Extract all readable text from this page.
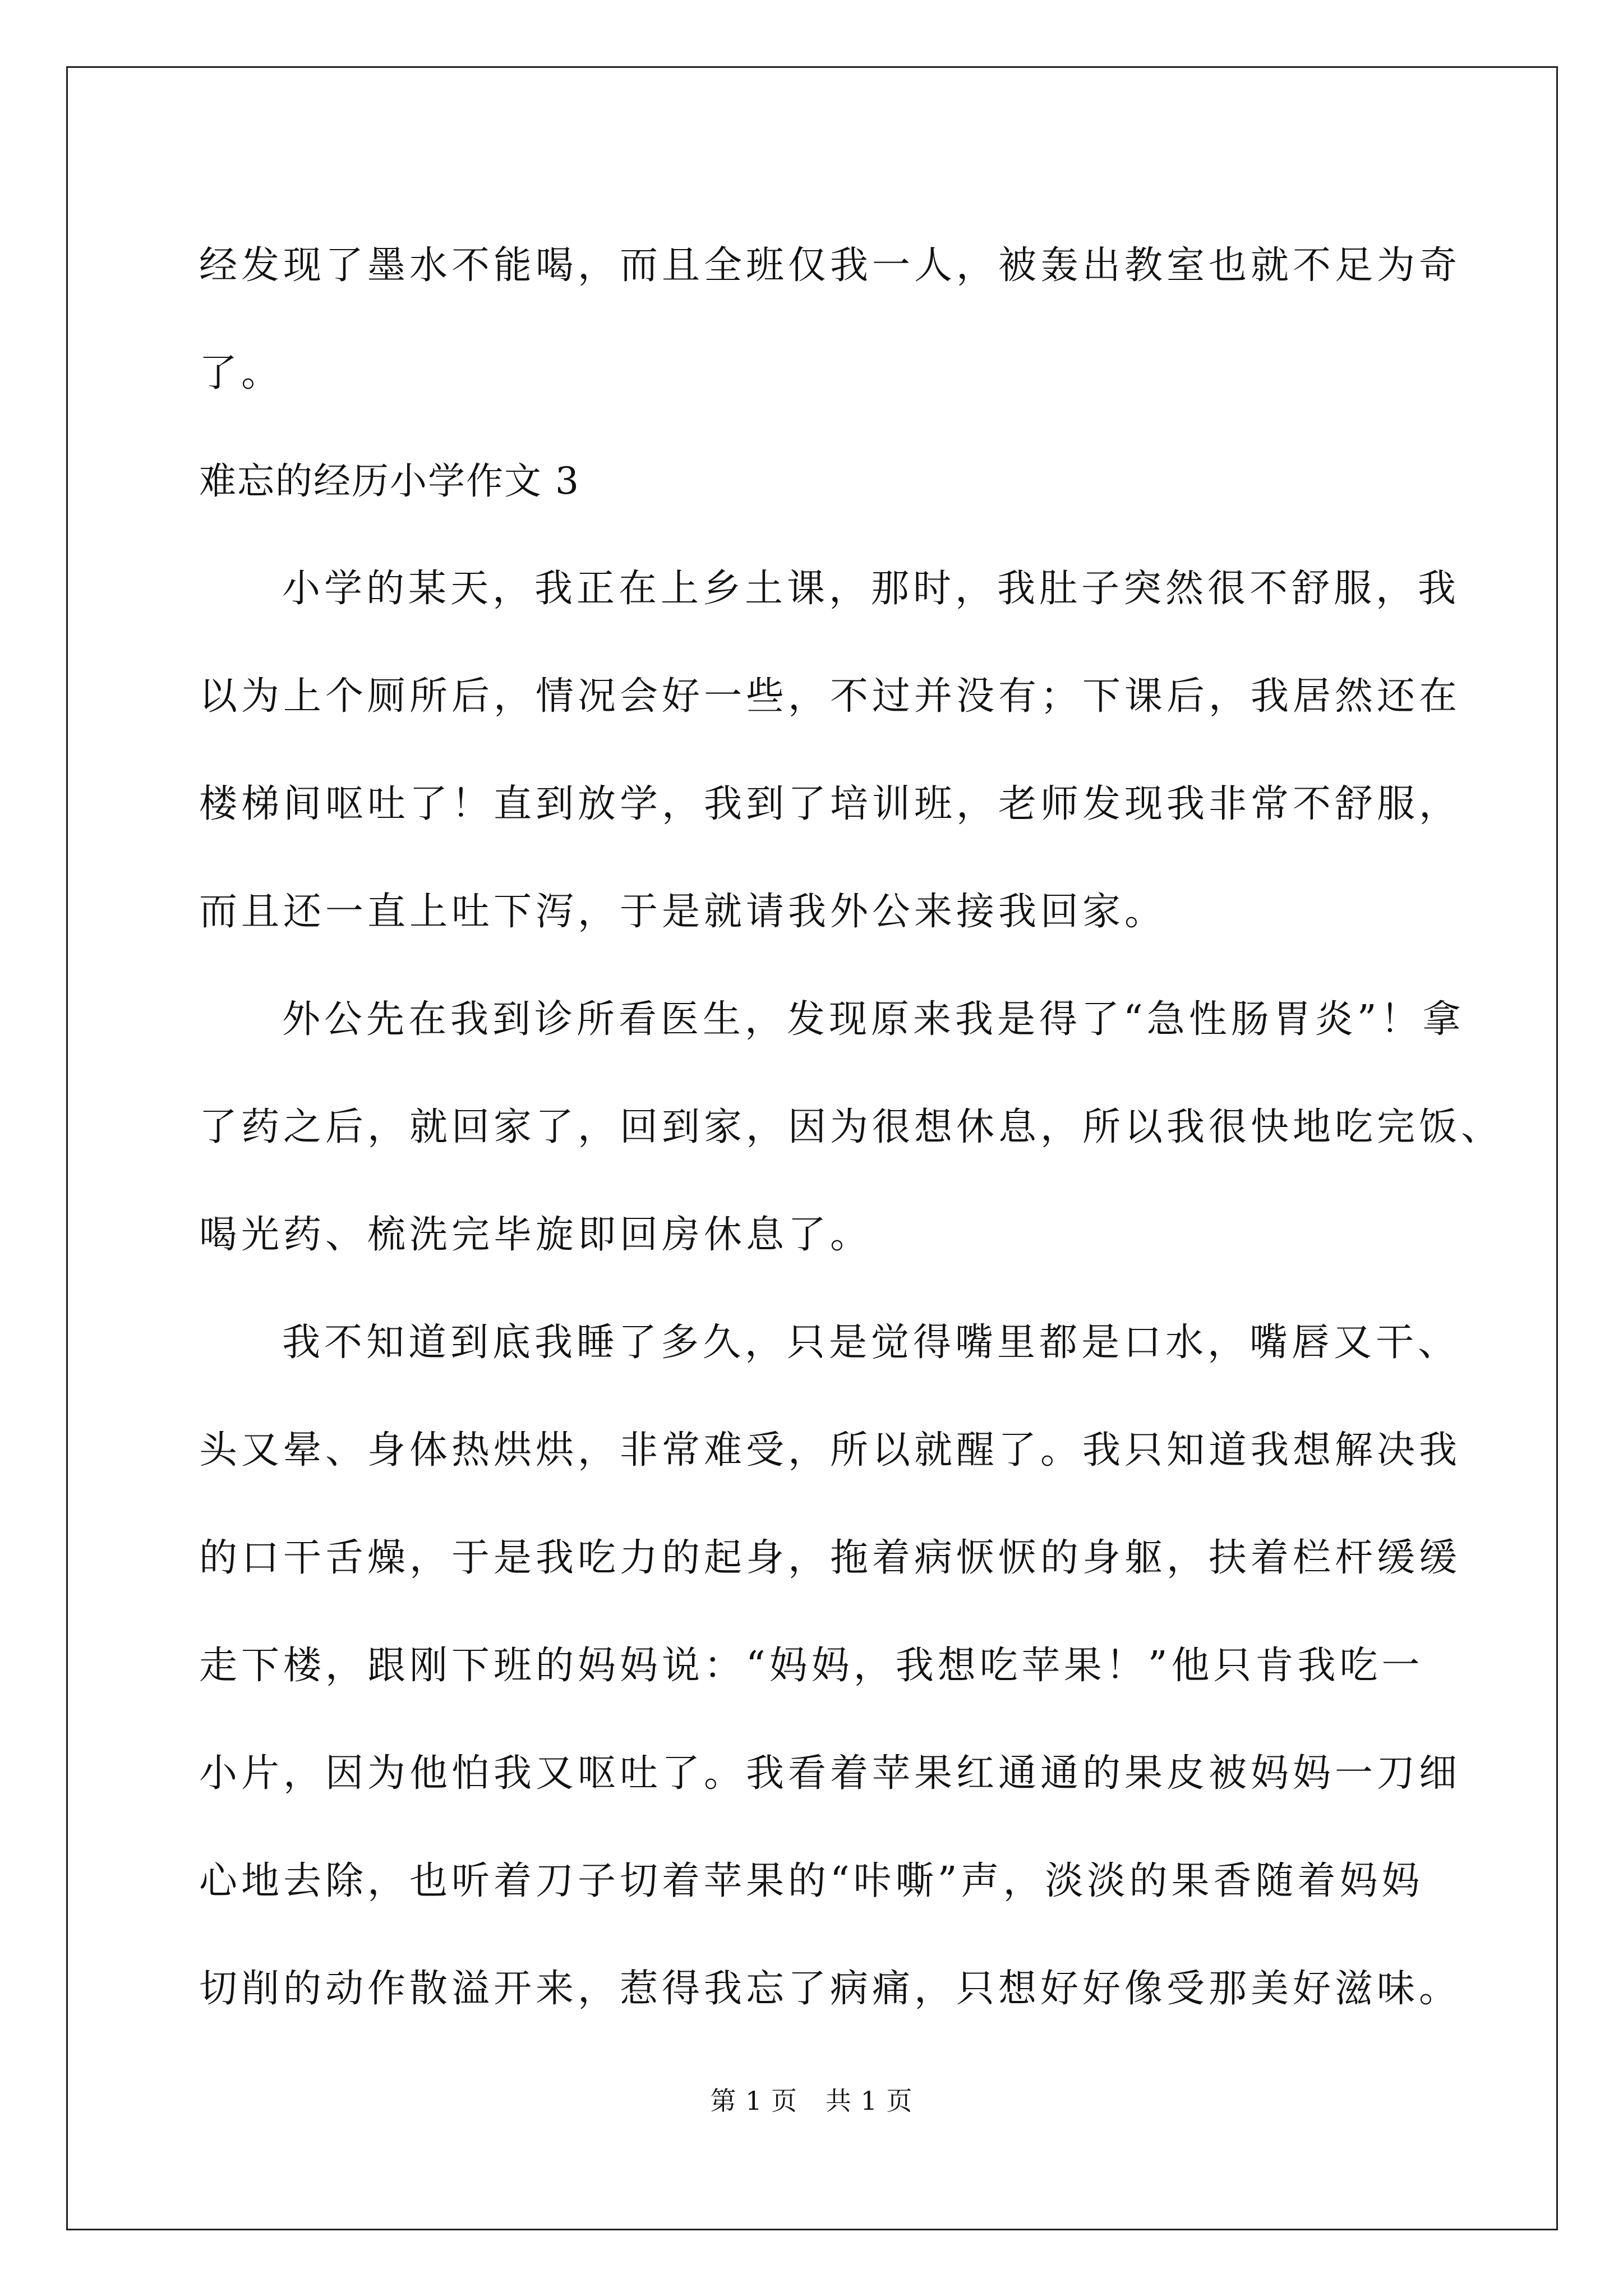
经发现了墨水不能喝，而且全班仅我一人，被轰出教室也就不足为奇
了。
难忘的经历小学作文 3
小学的某天，我正在上乡土课，那时，我肚子突然很不舒服，我
以为上个厕所后，情况会好一些，不过并没有；下课后，我居然还在
楼梯间呕吐了！直到放学，我到了培训班，老师发现我非常不舒服，
而且还一直上吐下泻，于是就请我外公来接我回家。
外公先在我到诊所看医生，发现原来我是得了“急性肠胃炎”！拿
了药之后，就回家了，回到家，因为很想休息，所以我很快地吃完饭、
喝光药、梳洗完毕旋即回房休息了。
我不知道到底我睡了多久，只是觉得嘴里都是口水，嘴唇又干、
头又晕、身体热烘烘，非常难受，所以就醒了。我只知道我想解决我
的口干舌燥，于是我吃力的起身，拖着病恹恹的身躯，扶着栏杆缓缓
走下楼，跟刚下班的妈妈说：“妈妈，我想吃苹果！”他只肯我吃一
小片，因为他怕我又呕吐了。我看着苹果红通通的果皮被妈妈一刀细
心地去除，也听着刀子切着苹果的“咔嘶”声，淡淡的果香随着妈妈
切削的动作散溢开来，惹得我忘了病痛，只想好好像受那美好滋味。
第 1 页 共 1 页
